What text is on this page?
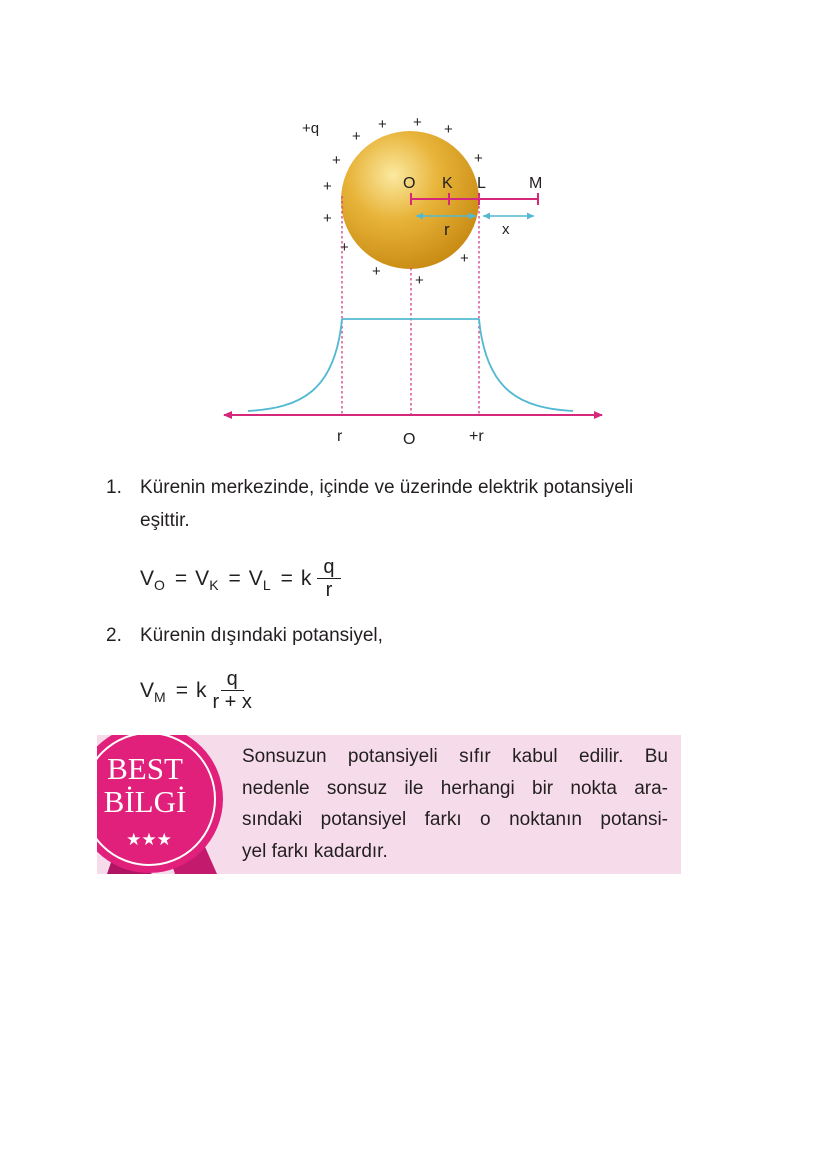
+q +
+ + +
+
+
+
+
+
+
+
+
O K L	M
r	x
r	O	+r
1. Kürenin merkezinde, içinde ve üzerinde elektrik potansiyeli
eşittir.
V O = V K = V L = k $\frac{q}{r}$
2. Kürenin dışındaki potansiyel,
V M = k $\frac{q}{r + x}$
BEST
BİLGİ
★★★
Sonsuzun potansiyeli sıfır kabul edilir. Bu
nedenle sonsuz ile herhangi bir nokta ara-
sındaki potansiyel farkı o noktanın potansi-
yel farkı kadardır.
